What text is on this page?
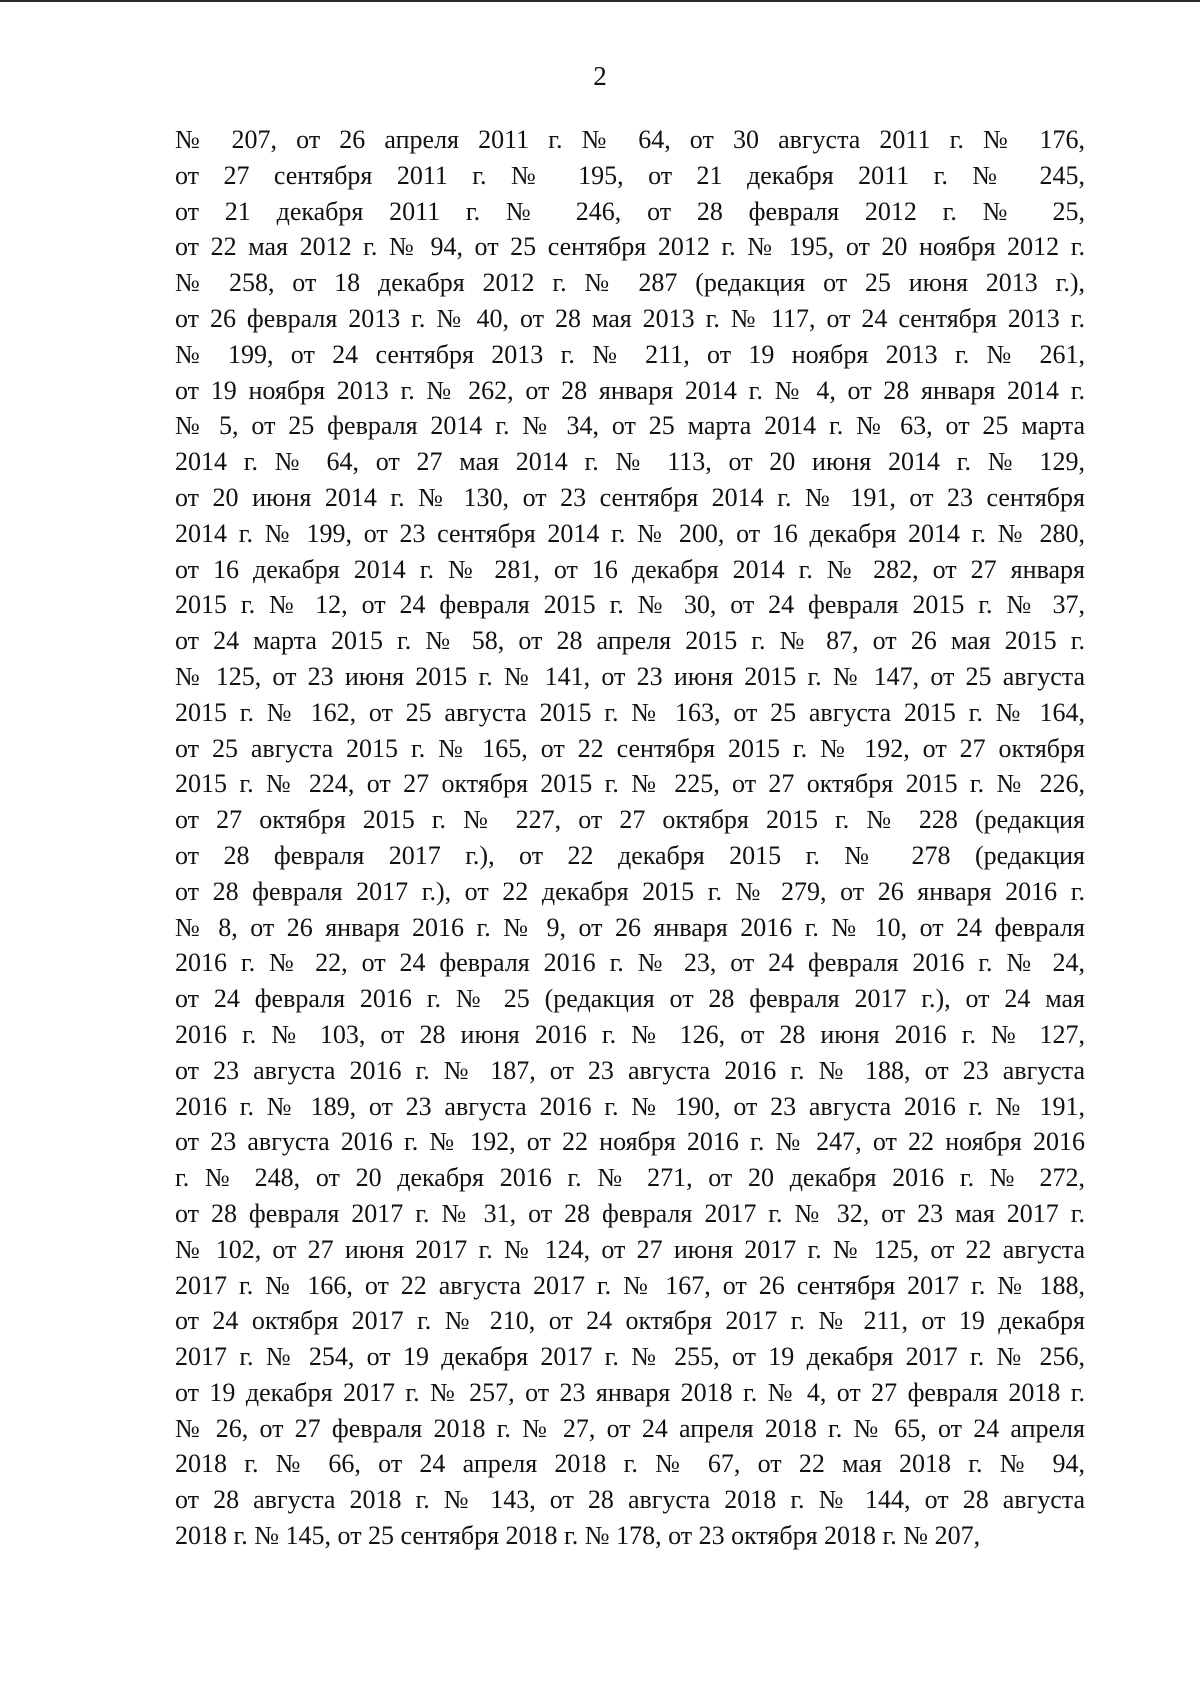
2
№ 207, от 26 апреля 2011 г. № 64, от 30 августа 2011 г. № 176,
от 27 сентября 2011 г. № 195, от 21 декабря 2011 г. № 245,
от 21 декабря 2011 г. № 246, от 28 февраля 2012 г. № 25,
от 22 мая 2012 г. № 94, от 25 сентября 2012 г. № 195, от 20 ноября 2012 г.
№ 258, от 18 декабря 2012 г. № 287 (редакция от 25 июня 2013 г.),
от 26 февраля 2013 г. № 40, от 28 мая 2013 г. № 117, от 24 сентября 2013 г.
№ 199, от 24 сентября 2013 г. № 211, от 19 ноября 2013 г. № 261,
от 19 ноября 2013 г. № 262, от 28 января 2014 г. № 4, от 28 января 2014 г.
№ 5, от 25 февраля 2014 г. № 34, от 25 марта 2014 г. № 63, от 25 марта
2014 г. № 64, от 27 мая 2014 г. № 113, от 20 июня 2014 г. № 129,
от 20 июня 2014 г. № 130, от 23 сентября 2014 г. № 191, от 23 сентября
2014 г. № 199, от 23 сентября 2014 г. № 200, от 16 декабря 2014 г. № 280,
от 16 декабря 2014 г. № 281, от 16 декабря 2014 г. № 282, от 27 января
2015 г. № 12, от 24 февраля 2015 г. № 30, от 24 февраля 2015 г. № 37,
от 24 марта 2015 г. № 58, от 28 апреля 2015 г. № 87, от 26 мая 2015 г.
№ 125, от 23 июня 2015 г. № 141, от 23 июня 2015 г. № 147, от 25 августа
2015 г. № 162, от 25 августа 2015 г. № 163, от 25 августа 2015 г. № 164,
от 25 августа 2015 г. № 165, от 22 сентября 2015 г. № 192, от 27 октября
2015 г. № 224, от 27 октября 2015 г. № 225, от 27 октября 2015 г. № 226,
от 27 октября 2015 г. № 227, от 27 октября 2015 г. № 228 (редакция
от 28 февраля 2017 г.), от 22 декабря 2015 г. № 278 (редакция
от 28 февраля 2017 г.), от 22 декабря 2015 г. № 279, от 26 января 2016 г.
№ 8, от 26 января 2016 г. № 9, от 26 января 2016 г. № 10, от 24 февраля
2016 г. № 22, от 24 февраля 2016 г. № 23, от 24 февраля 2016 г. № 24,
от 24 февраля 2016 г. № 25 (редакция от 28 февраля 2017 г.), от 24 мая
2016 г. № 103, от 28 июня 2016 г. № 126, от 28 июня 2016 г. № 127,
от 23 августа 2016 г. № 187, от 23 августа 2016 г. № 188, от 23 августа
2016 г. № 189, от 23 августа 2016 г. № 190, от 23 августа 2016 г. № 191,
от 23 августа 2016 г. № 192, от 22 ноября 2016 г. № 247, от 22 ноября 2016
г. № 248, от 20 декабря 2016 г. № 271, от 20 декабря 2016 г. № 272,
от 28 февраля 2017 г. № 31, от 28 февраля 2017 г. № 32, от 23 мая 2017 г.
№ 102, от 27 июня 2017 г. № 124, от 27 июня 2017 г. № 125, от 22 августа
2017 г. № 166, от 22 августа 2017 г. № 167, от 26 сентября 2017 г. № 188,
от 24 октября 2017 г. № 210, от 24 октября 2017 г. № 211, от 19 декабря
2017 г. № 254, от 19 декабря 2017 г. № 255, от 19 декабря 2017 г. № 256,
от 19 декабря 2017 г. № 257, от 23 января 2018 г. № 4, от 27 февраля 2018 г.
№ 26, от 27 февраля 2018 г. № 27, от 24 апреля 2018 г. № 65, от 24 апреля
2018 г. № 66, от 24 апреля 2018 г. № 67, от 22 мая 2018 г. № 94,
от 28 августа 2018 г. № 143, от 28 августа 2018 г. № 144, от 28 августа
2018 г. № 145, от 25 сентября 2018 г. № 178, от 23 октября 2018 г. № 207,
